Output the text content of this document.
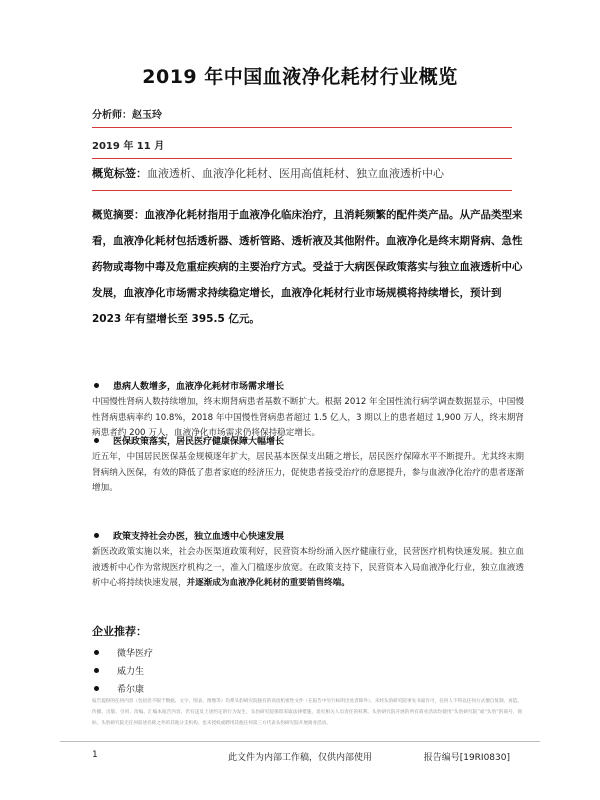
2019 年中国血液净化耗材行业概览
分析师：赵玉玲
2019 年 11 月
概览标签：血液透析、血液净化耗材、医用高值耗材、独立血液透析中心
概览摘要：血液净化耗材指用于血液净化临床治疗，且消耗频繁的配件类产品。从产品类型来看，血液净化耗材包括透析器、透析管路、透析液及其他附件。血液净化是终末期肾病、急性药物或毒物中毒及危重症疾病的主要治疗方式。受益于大病医保政策落实与独立血液透析中心发展，血液净化市场需求持续稳定增长，血液净化耗材行业市场规模将持续增长，预计到 2023 年有望增长至 395.5 亿元。
患病人数增多，血液净化耗材市场需求增长
中国慢性肾病人数持续增加，终末期肾病患者基数不断扩大。根据 2012 年全国性流行病学调查数据显示，中国慢性肾病患病率约 10.8%，2018 年中国慢性肾病患者超过 1.5 亿人，3 期以上的患者超过 1,900 万人，终末期肾病患者约 200 万人，血液净化市场需求仍将保持稳定增长。
医保政策落实，居民医疗健康保障大幅增长
近五年，中国居民医保基金规模逐年扩大，居民基本医保支出随之增长，居民医疗保障水平不断提升。尤其终末期肾病纳入医保，有效的降低了患者家庭的经济压力，促使患者接受治疗的意愿提升，参与血液净化治疗的患者逐渐增加。
政策支持社会办医，独立血透中心快速发展
新医改政策实施以来，社会办医渠道政策利好，民营资本纷纷涌入医疗健康行业，民营医疗机构快速发展。独立血液透析中心作为常规医疗机构之一，准入门槛逐步放宽。在政策支持下，民营资本入局血液净化行业，独立血液透析中心将持续快速发展，并逐渐成为血液净化耗材的重要销售终端。
企业推荐：
微华医疗
威力生
希尔康
报告提供的任何内容（包括但不限于数据、文字、图表、图像等）均系头豹研究院独有的高度机密性文件（在报告中另行标明出处者除外）。未经头豹研究院事先书面许可，任何人不得以任何方式擅自复制、再造、传播、出版、引用、改编、汇编本报告内容，若有违反上述约定的行为发生，头豹研究院保留采取法律措施，追究相关人员责任的权利。头豹研究院开展的所有商业活动均使用“头豹研究院”或“头豹”的商号、商标，头豹研究院无任何前述名称之外的其他分支机构，也未授权或聘用其他任何第三方代表头豹研究院开展商业活动。
1	此文件为内部工作稿，仅供内部使用	报告编号[19RI0830]
